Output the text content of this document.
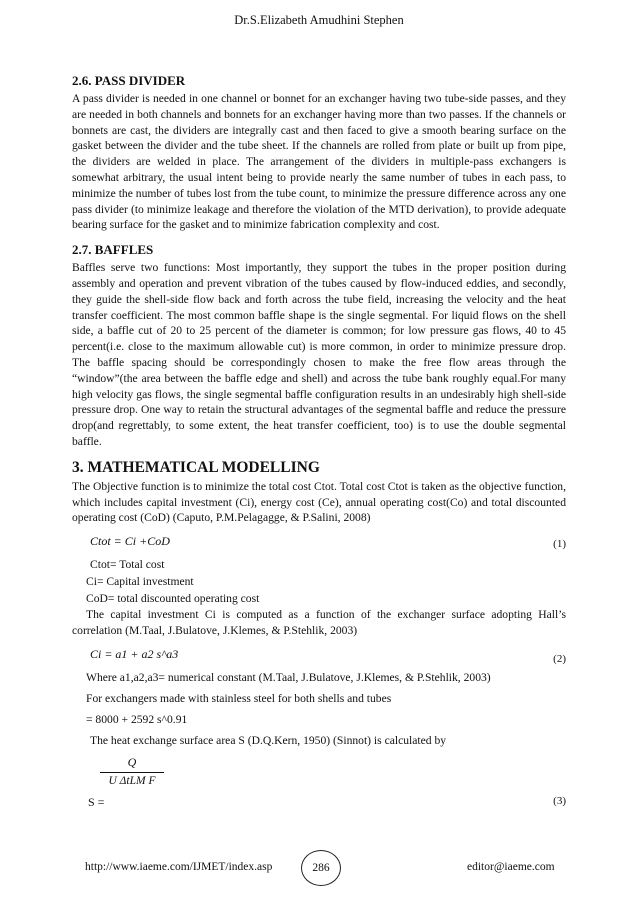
Dr.S.Elizabeth Amudhini Stephen
2.6. PASS DIVIDER

A pass divider is needed in one channel or bonnet for an exchanger having two tube-side passes, and they are needed in both channels and bonnets for an exchanger having more than two passes. If the channels or bonnets are cast, the dividers are integrally cast and then faced to give a smooth bearing surface on the gasket between the divider and the tube sheet. If the channels are rolled from plate or built up from pipe, the dividers are welded in place. The arrangement of the dividers in multiple-pass exchangers is somewhat arbitrary, the usual intent being to provide nearly the same number of tubes in each pass, to minimize the number of tubes lost from the tube count, to minimize the pressure difference across any one pass divider (to minimize leakage and therefore the violation of the MTD derivation), to provide adequate bearing surface for the gasket and to minimize fabrication complexity and cost.

2.7. BAFFLES

Baffles serve two functions: Most importantly, they support the tubes in the proper position during assembly and operation and prevent vibration of the tubes caused by flow-induced eddies, and secondly, they guide the shell-side flow back and forth across the tube field, increasing the velocity and the heat transfer coefficient. The most common baffle shape is the single segmental. For liquid flows on the shell side, a baffle cut of 20 to 25 percent of the diameter is common; for low pressure gas flows, 40 to 45 percent(i.e. close to the maximum allowable cut) is more common, in order to minimize pressure drop. The baffle spacing should be correspondingly chosen to make the free flow areas through the “window”(the area between the baffle edge and shell) and across the tube bank roughly equal.For many high velocity gas flows, the single segmental baffle configuration results in an undesirably high shell-side pressure drop. One way to retain the structural advantages of the segmental baffle and reduce the pressure drop(and regrettably, to some extent, the heat transfer coefficient, too) is to use the double segmental baffle.

3. MATHEMATICAL MODELLING

The Objective function is to minimize the total cost Ctot. Total cost Ctot is taken as the objective function, which includes capital investment (Ci), energy cost (Ce), annual operating cost(Co) and total discounted operating cost (CoD) (Caputo, P.M.Pelagagge, & P.Salini, 2008)

Ctot = Ci +CoD	(1)

Ctot= Total cost

Ci= Capital investment

CoD= total discounted operating cost

The capital investment Ci is computed as a function of the exchanger surface adopting Hall’s correlation (M.Taal, J.Bulatove, J.Klemes, & P.Stehlik, 2003)

Ci = a1 + a2 s^a3	(2)

Where a1,a2,a3= numerical constant (M.Taal, J.Bulatove, J.Klemes, & P.Stehlik, 2003)

For exchangers made with stainless steel for both shells and tubes

= 8000 + 2592 s^0.91

The heat exchange surface area S (D.Q.Kern, 1950) (Sinnot) is calculated by

Q
U ΔtLM F
S =	(3)
http://www.iaeme.com/IJMET/index.asp	286	editor@iaeme.com
